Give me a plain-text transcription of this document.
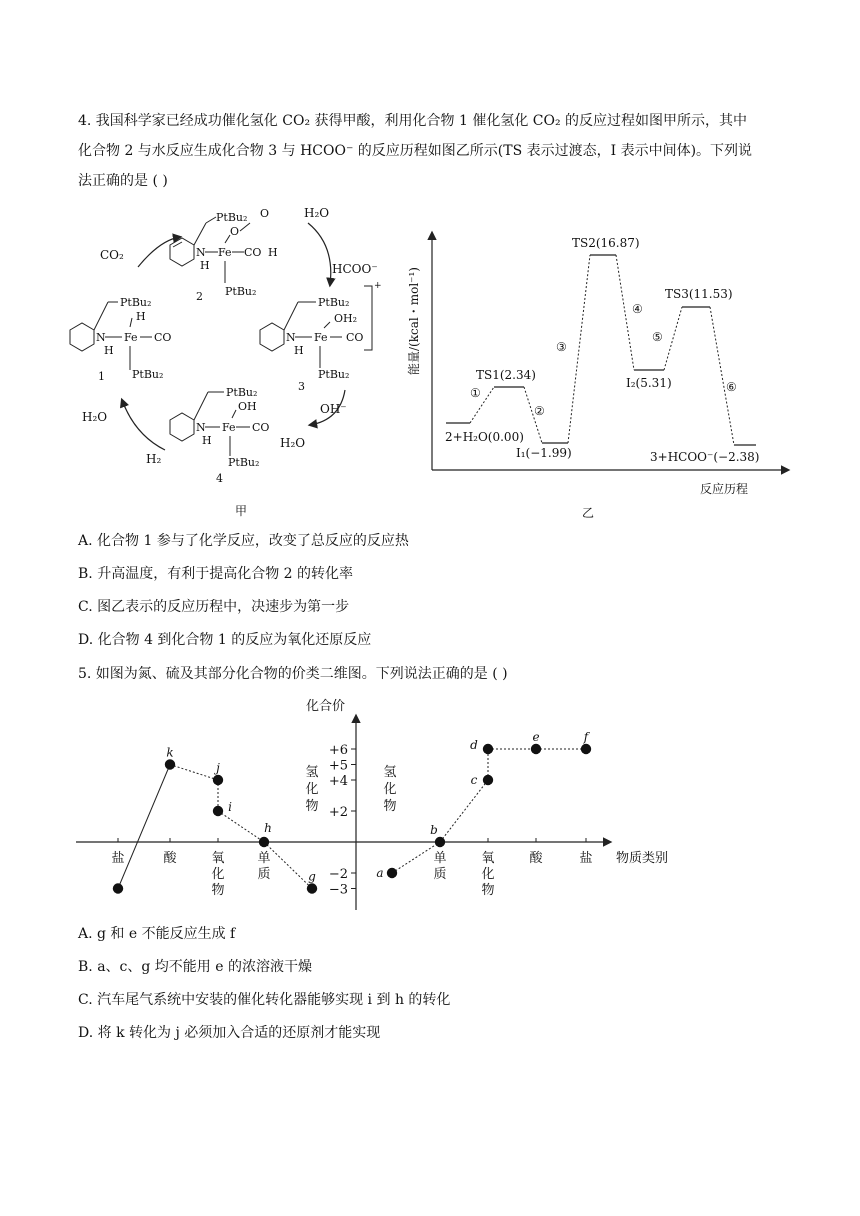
4. 我国科学家已经成功催化氢化 CO₂ 获得甲酸，利用化合物 1 催化氢化 CO₂ 的反应过程如图甲所示，其中
化合物 2 与水反应生成化合物 3 与 HCOO⁻ 的反应历程如图乙所示(TS 表示过渡态，I 表示中间体)。下列说
法正确的是 ( )
CO₂
H₂O
HCOO⁻
OH⁻
H₂O
H₂O
H₂
PtBu₂
N Fe CO
H
O
O
H
PtBu₂
2
PtBu₂
N Fe CO
H
H
PtBu₂
1
PtBu₂
N Fe CO
OH₂
H
PtBu₂
3
+
PtBu₂
N Fe CO
OH
H
PtBu₂
4
甲
能量/(kcal・mol⁻¹)
反应历程
2+H₂O(0.00)
TS1(2.34)
I₁(−1.99)
TS2(16.87)
I₂(5.31)
TS3(11.53)
3+HCOO⁻(−2.38)
①
②
③
④
⑤
⑥
乙
A. 化合物 1 参与了化学反应，改变了总反应的反应热
B. 升高温度，有利于提高化合物 2 的转化率
C. 图乙表示的反应历程中，决速步为第一步
D. 化合物 4 到化合物 1 的反应为氧化还原反应
5. 如图为氮、硫及其部分化合物的价类二维图。下列说法正确的是 ( )
化合价
物质类别
+6
+5
+4
+2
−2
−3
盐	酸	氧
化
物
单
质
单
质
氧
化
物
酸	盐
氢
化
物
氢
化
物
k
j
i
h
g	a
b
c
d
e	f
A. g 和 e 不能反应生成 f
B. a、c、g 均不能用 e 的浓溶液干燥
C. 汽车尾气系统中安装的催化转化器能够实现 i 到 h 的转化
D. 将 k 转化为 j 必须加入合适的还原剂才能实现
